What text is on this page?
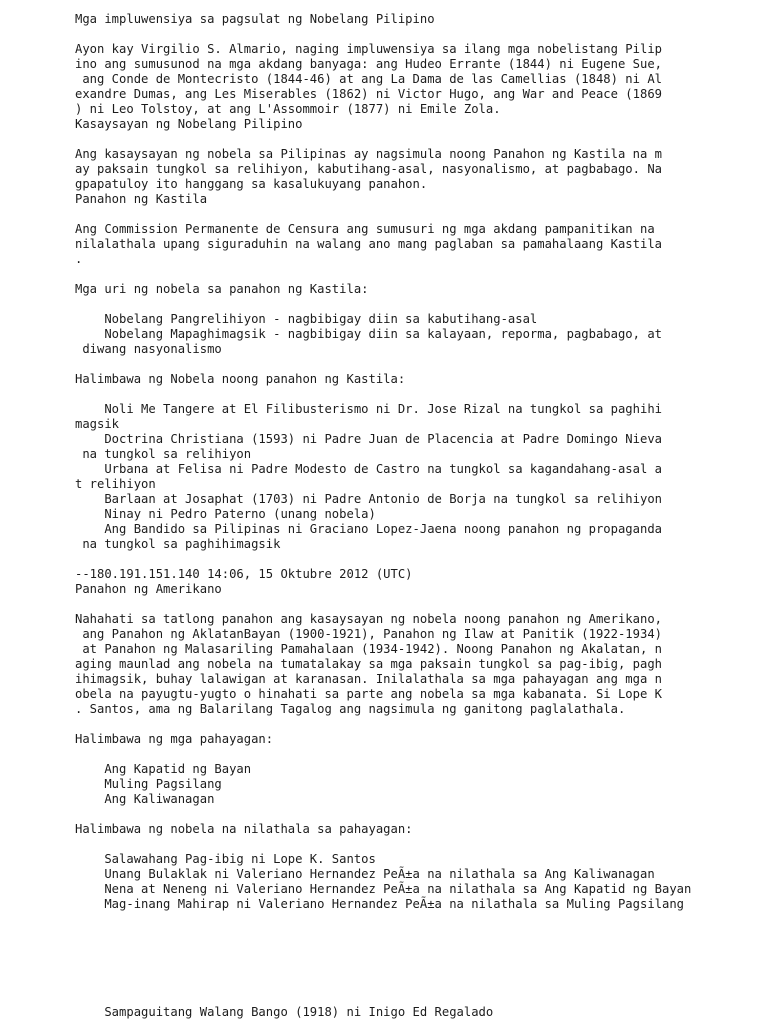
Mga impluwensiya sa pagsulat ng Nobelang Pilipino
Ayon kay Virgilio S. Almario, naging impluwensiya sa ilang mga nobelistang Pilip
ino ang sumusunod na mga akdang banyaga: ang Hudeo Errante (1844) ni Eugene Sue,
ang Conde de Montecristo (1844-46) at ang La Dama de las Camellias (1848) ni Al
exandre Dumas, ang Les Miserables (1862) ni Victor Hugo, ang War and Peace (1869
) ni Leo Tolstoy, at ang L'Assommoir (1877) ni Emile Zola.
Kasaysayan ng Nobelang Pilipino
Ang kasaysayan ng nobela sa Pilipinas ay nagsimula noong Panahon ng Kastila na m
ay paksain tungkol sa relihiyon, kabutihang-asal, nasyonalismo, at pagbabago. Na
gpapatuloy ito hanggang sa kasalukuyang panahon.
Panahon ng Kastila
Ang Commission Permanente de Censura ang sumusuri ng mga akdang pampanitikan na
nilalathala upang siguraduhin na walang ano mang paglaban sa pamahalaang Kastila
.
Mga uri ng nobela sa panahon ng Kastila:
Nobelang Pangrelihiyon - nagbibigay diin sa kabutihang-asal
Nobelang Mapaghimagsik - nagbibigay diin sa kalayaan, reporma, pagbabago, at
diwang nasyonalismo
Halimbawa ng Nobela noong panahon ng Kastila:
Noli Me Tangere at El Filibusterismo ni Dr. Jose Rizal na tungkol sa paghihi
magsik
Doctrina Christiana (1593) ni Padre Juan de Placencia at Padre Domingo Nieva
na tungkol sa relihiyon
Urbana at Felisa ni Padre Modesto de Castro na tungkol sa kagandahang-asal a
t relihiyon
Barlaan at Josaphat (1703) ni Padre Antonio de Borja na tungkol sa relihiyon
Ninay ni Pedro Paterno (unang nobela)
Ang Bandido sa Pilipinas ni Graciano Lopez-Jaena noong panahon ng propaganda
na tungkol sa paghihimagsik
--180.191.151.140 14:06, 15 Oktubre 2012 (UTC)
Panahon ng Amerikano
Nahahati sa tatlong panahon ang kasaysayan ng nobela noong panahon ng Amerikano,
ang Panahon ng AklatanBayan (1900-1921), Panahon ng Ilaw at Panitik (1922-1934)
at Panahon ng Malasariling Pamahalaan (1934-1942). Noong Panahon ng Akalatan, n
aging maunlad ang nobela na tumatalakay sa mga paksain tungkol sa pag-ibig, pagh
ihimagsik, buhay lalawigan at karanasan. Inilalathala sa mga pahayagan ang mga n
obela na payugtu-yugto o hinahati sa parte ang nobela sa mga kabanata. Si Lope K
. Santos, ama ng Balarilang Tagalog ang nagsimula ng ganitong paglalathala.
Halimbawa ng mga pahayagan:
Ang Kapatid ng Bayan
Muling Pagsilang
Ang Kaliwanagan
Halimbawa ng nobela na nilathala sa pahayagan:
Salawahang Pag-ibig ni Lope K. Santos
Unang Bulaklak ni Valeriano Hernandez PeÃ±a na nilathala sa Ang Kaliwanagan
Nena at Neneng ni Valeriano Hernandez PeÃ±a na nilathala sa Ang Kapatid ng Bayan
Mag-inang Mahirap ni Valeriano Hernandez PeÃ±a na nilathala sa Muling Pagsilang
Sampaguitang Walang Bango (1918) ni Inigo Ed Regalado
